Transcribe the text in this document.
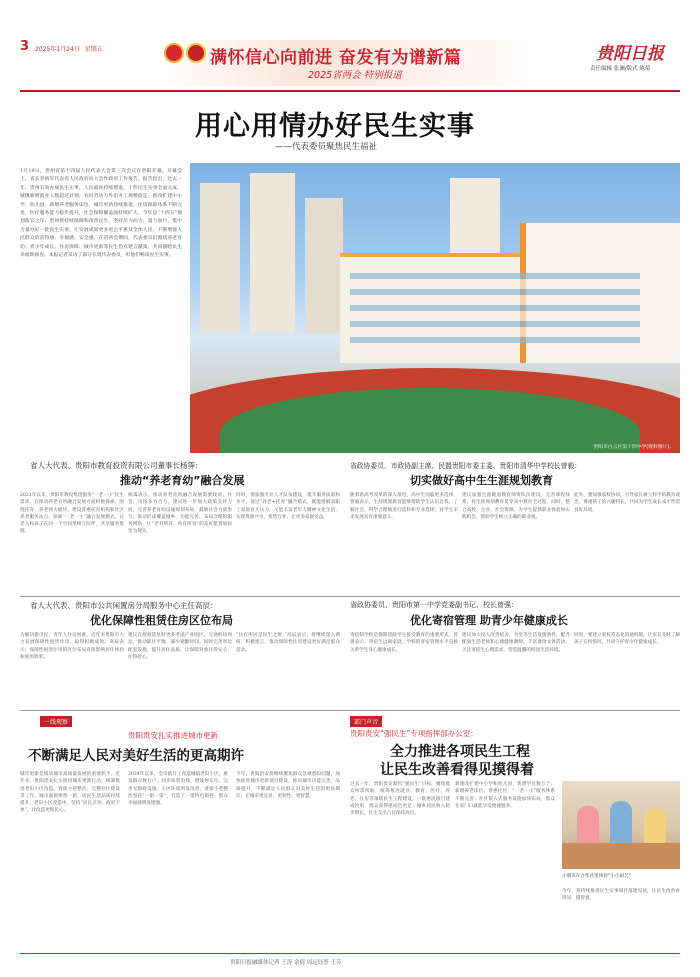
3 2025年1月24日 星期五	满怀信心向前进 奋发有为谱新篇
2025省两会 特别报道
贵阳日报
责任编辑 张澜/版式 陈菊
用心用情办好民生实事
——代表委员聚焦民生福祉
1月19日，贵州省第十四届人民代表大会第三次会议在贵阳开幕。开幕会上，省长李炳军代表省人民政府向大会作政府工作报告。报告指出，过去一年，贵州有效办成民生实事，人民福祉持续增进。十件民生实事全面完成，城镇新增就业人数超过计划，农村劳动力外出务工规模稳定，新改扩建中小学、幼儿园，新增养老服务床位，城市更新持续推进，住房保障体系不断完善，医疗服务能力稳步提升，社会保障覆盖面持续扩大。今年是“十四五”规划收官之年，贵州将持续保障和改善民生，坚持尽力而为、量力而行，集中力量办好一批民生实事，让发展成果更多更公平惠及全体人民，不断增强人民群众的获得感、幸福感、安全感。在省两会期间，代表委员们围绕养老育幼、青少年成长、住房保障、城市更新等民生热点建言献策，共同描绘民生幸福新画卷。本报记者采访了部分在筑代表委员，听他们畅谈民生实事。
贵阳市白云区第十四中学(资料图片)。
省人大代表、贵阳市教育投资有限公司董事长杨霁：
推动“养老育幼”融合发展
2021年以来，贵阳市教投集团服务“一老一小”民生需求，在推动养老育幼融合发展方面积极探索。围绕托育、养老两大板块，建设普惠托育机构和社区养老服务站点，探索“一老一小”融合发展模式，让老人和孩子在同一个空间里相互陪伴，共享服务资源。
杨霁表示，推动养老育幼融合发展需要政府、社会、市场多方合力。建议进一步加大政策支持力度，完善养老育幼设施规划布局，鼓励社会力量参与，推动形成覆盖城乡、功能完善、布局合理的服务网络，让“老有所养、幼有所育”的美好愿景加快变为现实。
同时，要加强专业人才队伍建设，提升服务质量和水平。通过“养老+托育”融合模式，既能缓解双职工家庭育儿压力，又能丰富老年人精神文化生活，实现资源共享、优势互补，让更多家庭受益。
省政协委员、市政协副主席、民盟贵阳市委主委、贵阳市清华中学校长曾毅：
切实做好高中生生涯规划教育
随着新高考改革的深入推进，高中生面临更多选择。曾毅表示，生涯规划教育能够帮助学生认识自我、了解社会，科学合理地进行选科和专业选择，对学生未来发展具有重要意义。
建议加强生涯规划教育师资队伍建设，完善课程体系，将生涯规划教育贯穿高中教育全过程。同时，整合高校、企业、社会资源，为学生提供职业体验和实践机会，帮助学生树立正确的职业观。
此外，要加强家校协同，引导家长树立科学的教育观念，尊重孩子的兴趣特长，共同为学生成长成才营造良好环境。
省人大代表、贵阳市公共闲置房分局服务中心主任高辰：
优化保障性租赁住房区位布局
为解决新市民、青年人住房困难，近年来贵阳市大力发展保障性租赁住房，取得积极成效。高辰表示，保障性租赁住房的区位布局直接影响居住体验和使用效率。
建议在规划选址时更多考虑产业园区、交通枢纽周边，推动职住平衡，减少通勤时间。同时完善周边配套设施，提升居住品质，让保障对象住得安心、住得舒心。
“住有所居是民生之要。”高辰表示，将继续深入调研，积极建言，推动保障性住房建设更好满足群众需求。
省政协委员、贵阳市第一中学党委副书记、校长曾强：
优化寄宿管理 助青少年健康成长
寄宿制学校是保障适龄学生接受教育的重要形式。曾强表示，寄宿生远离家庭，学校的寄宿管理水平直接关系学生身心健康成长。
建议加大投入改善宿舍、食堂等生活设施条件，配齐配强生活老师和心理健康教师，丰富课余文体活动，关注寄宿生心理需求，营造温馨的校园生活环境。
同时，要建立家校常态化沟通机制，让家长及时了解孩子在校情况，共同守护青少年健康成长。
一线观察
贵阳贵安扎实推进城市更新
不断满足人民对美好生活的更高期许
城市更新是推动城市高质量发展的重要抓手。近年来，贵阳贵安扎实推进城市更新行动，统筹推进老旧小区改造、背街小巷整治、完整社区建设等工作，城市面貌焕然一新，居民生活品质持续提升。老旧小区改造中，坚持“居民点单、政府下单”，让改造更贴民心。
2024年以来，全市新开工改造城镇老旧小区，惠及群众数万户，同步加装电梯、增设停车位、完善无障碍设施，小区环境明显改善。背街小巷整治坚持“一街一策”，打造了一批特色街巷，群众幸福感明显增强。
今年，贵阳贵安将继续聚焦群众急难愁盼问题，加快推进城市更新项目建设，推动城市功能完善、品质提升，不断满足人民群众对美好生活的更高期许，让城市更宜居、更韧性、更智慧。
部门声音
贵阳贵安“强民生”专项指挥部办公室：
全力推进各项民生工程
让民生改善看得见摸得着
过去一年，贵阳贵安紧扣“强民生”目标，聚焦群众所需所盼，统筹推进就业、教育、医疗、养老、住房等领域民生工程建设，一批惠民项目建成投用，群众获得感成色更足。城乡居民收入稳步增长，民生支出占比保持高位。
新建改扩建中小学和幼儿园，新增学位数万个；新增养老床位、普惠托位，“一老一小”服务体系不断完善；社区嵌入式服务设施加快布局，群众在家门口就能享受便捷服务。
小朋友在合作社里体验“小小厨艺”
今年，将持续推进民生实事项目落地见效，让民生改善看得见、摸得着。
贵阳日报融媒体记者 王涛 余倩 周远钰荟 王芬
